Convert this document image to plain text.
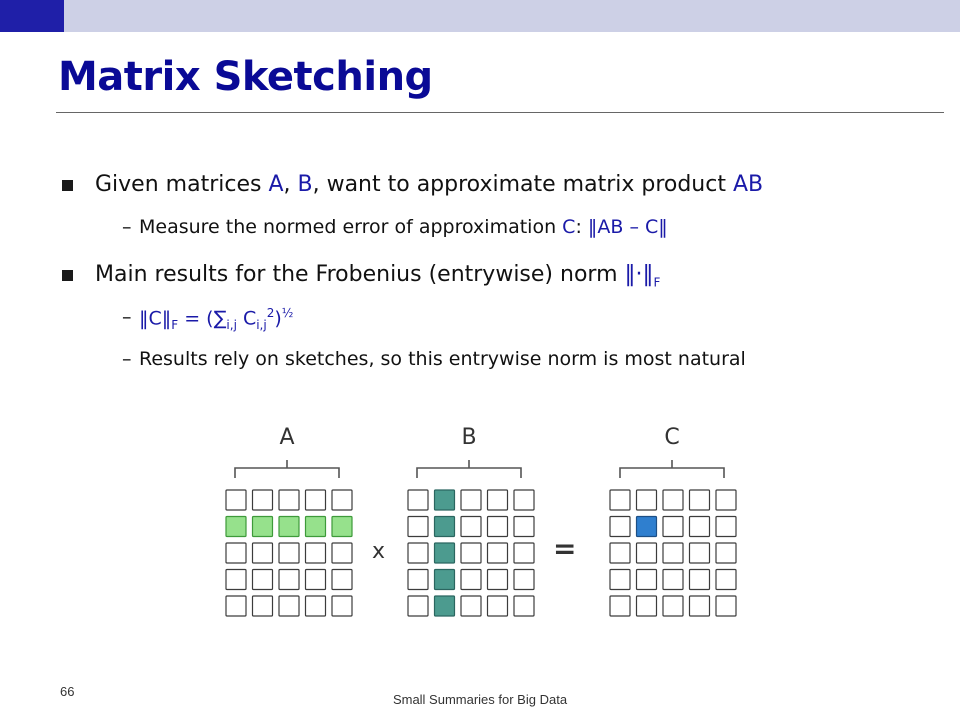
Matrix Sketching
Given matrices A, B, want to approximate matrix product AB
– Measure the normed error of approximation C: ‖AB – C‖
Main results for the Frobenius (entrywise) norm $‖\cdot‖_F$
– $‖C‖_F = (\sum_{i,j}$ $C_{i,j}^2)^{\frac{1}{2}}$
– Results rely on sketches, so this entrywise norm is most natural
A	B	C
x	=
66
Small Summaries for Big Data
